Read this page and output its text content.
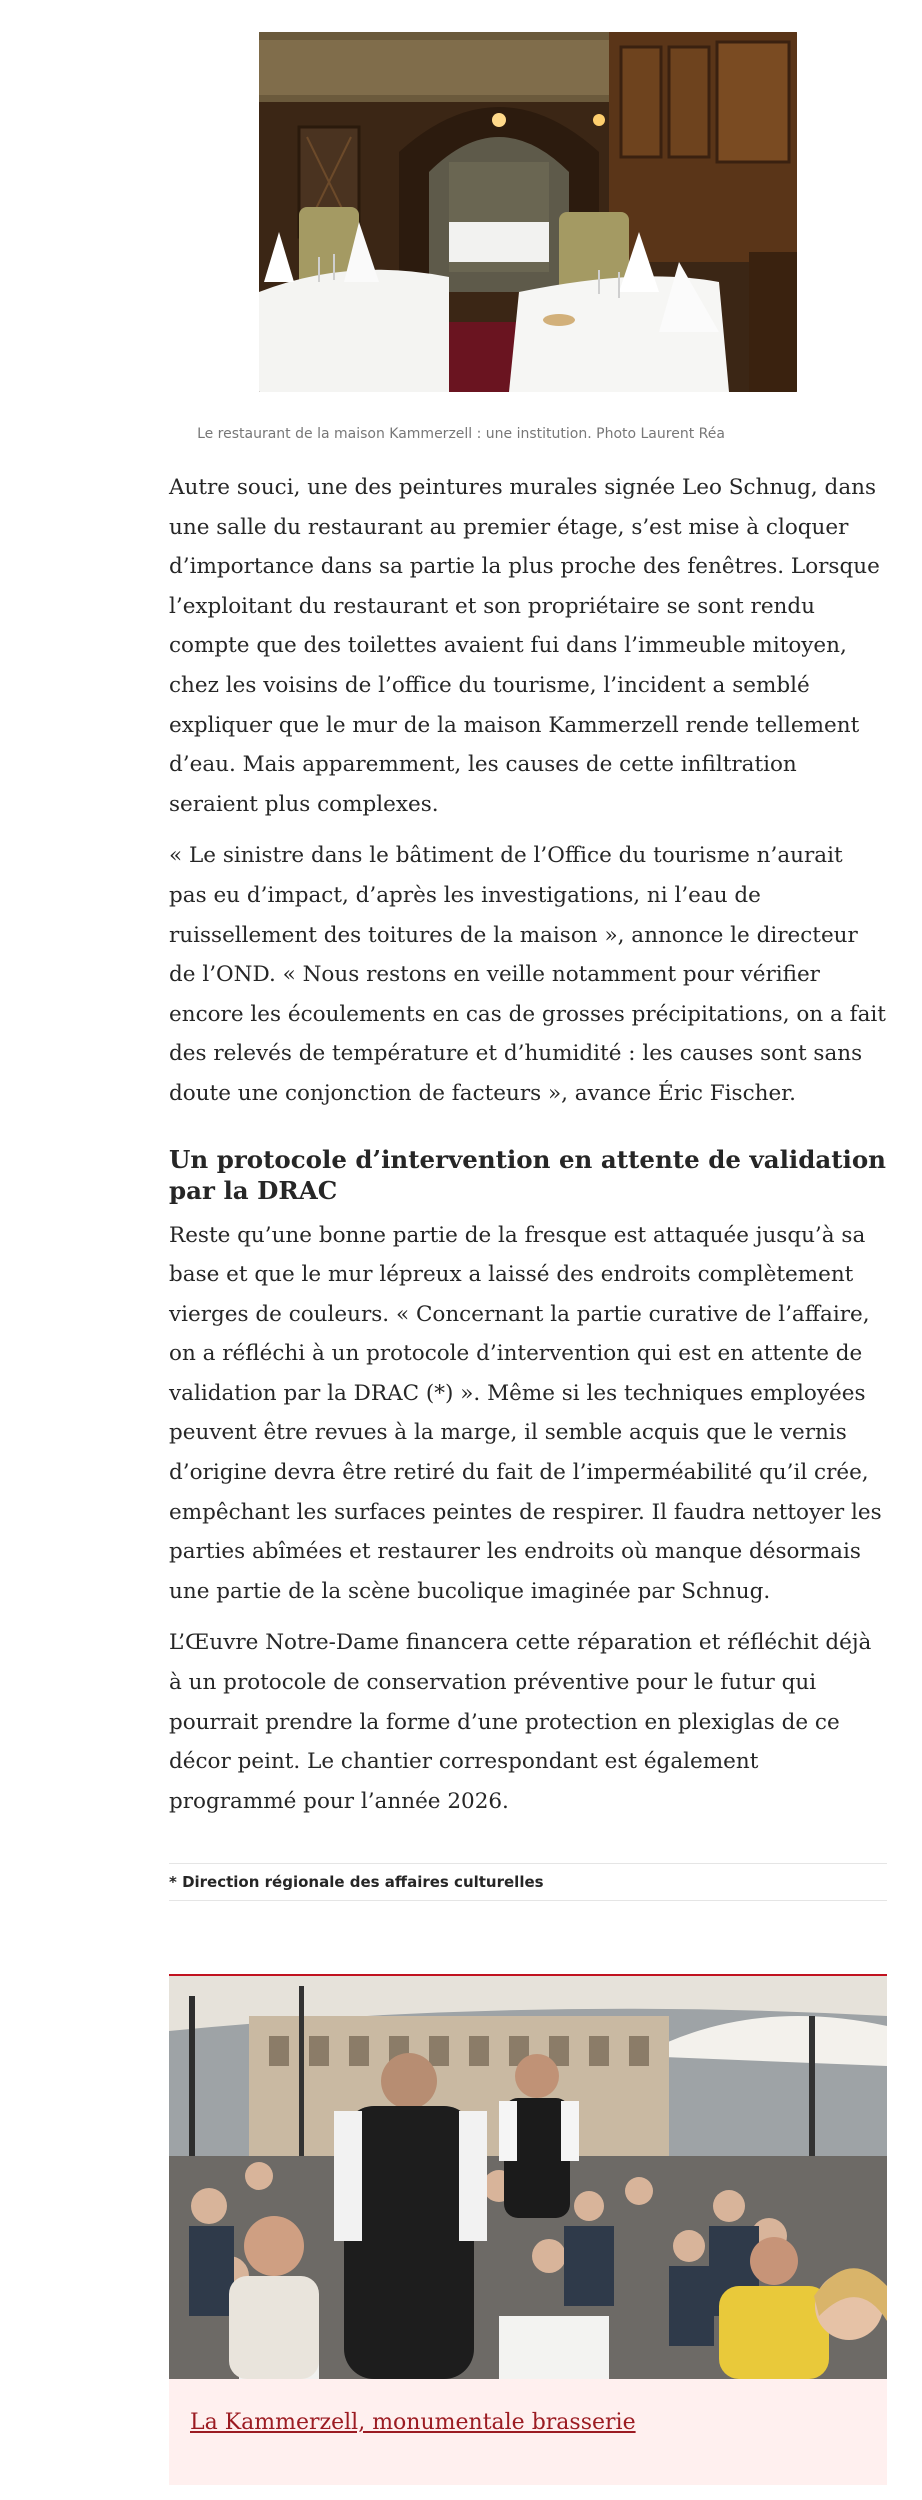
Le restaurant de la maison Kammerzell : une institution. Photo Laurent Réa

Autre souci, une des peintures murales signée Leo Schnug, dans une salle du restaurant au premier étage, s’est mise à cloquer d’importance dans sa partie la plus proche des fenêtres. Lorsque l’exploitant du restaurant et son propriétaire se sont rendu compte que des toilettes avaient fui dans l’immeuble mitoyen, chez les voisins de l’office du tourisme, l’incident a semblé expliquer que le mur de la maison Kammerzell rende tellement d’eau. Mais apparemment, les causes de cette infiltration seraient plus complexes.

« Le sinistre dans le bâtiment de l’Office du tourisme n’aurait pas eu d’impact, d’après les investigations, ni l’eau de ruissellement des toitures de la maison », annonce le directeur de l’OND. « Nous restons en veille notamment pour vérifier encore les écoulements en cas de grosses précipitations, on a fait des relevés de température et d’humidité : les causes sont sans doute une conjonction de facteurs », avance Éric Fischer.

Un protocole d’intervention en attente de validation par la DRAC

Reste qu’une bonne partie de la fresque est attaquée jusqu’à sa base et que le mur lépreux a laissé des endroits complètement vierges de couleurs. « Concernant la partie curative de l’affaire, on a réfléchi à un protocole d’intervention qui est en attente de validation par la DRAC (*) ». Même si les techniques employées peuvent être revues à la marge, il semble acquis que le vernis d’origine devra être retiré du fait de l’imperméabilité qu’il crée, empêchant les surfaces peintes de respirer. Il faudra nettoyer les parties abîmées et restaurer les endroits où manque désormais une partie de la scène bucolique imaginée par Schnug.

L’Œuvre Notre-Dame financera cette réparation et réfléchit déjà à un protocole de conservation préventive pour le futur qui pourrait prendre la forme d’une protection en plexiglas de ce décor peint. Le chantier correspondant est également programmé pour l’année 2026.

* Direction régionale des affaires culturelles
La Kammerzell, monumentale brasserie
